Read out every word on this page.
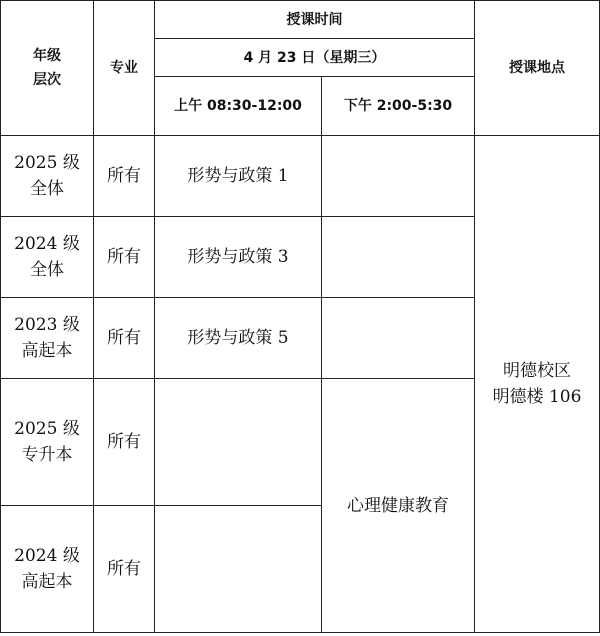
年级
层次	专业	授课时间		授课地点
		4 月 23 日（星期三）		
		上午 08:30-12:00	下午 2:00-5:30	

2025 级
全体	所有	形势与政策 1		明德校区
明德楼 106

2024 级
全体	所有	形势与政策 3		

2023 级
高起本	所有	形势与政策 5		

2025 级
专升本	所有		心理健康教育	

2024 级
高起本	所有			
